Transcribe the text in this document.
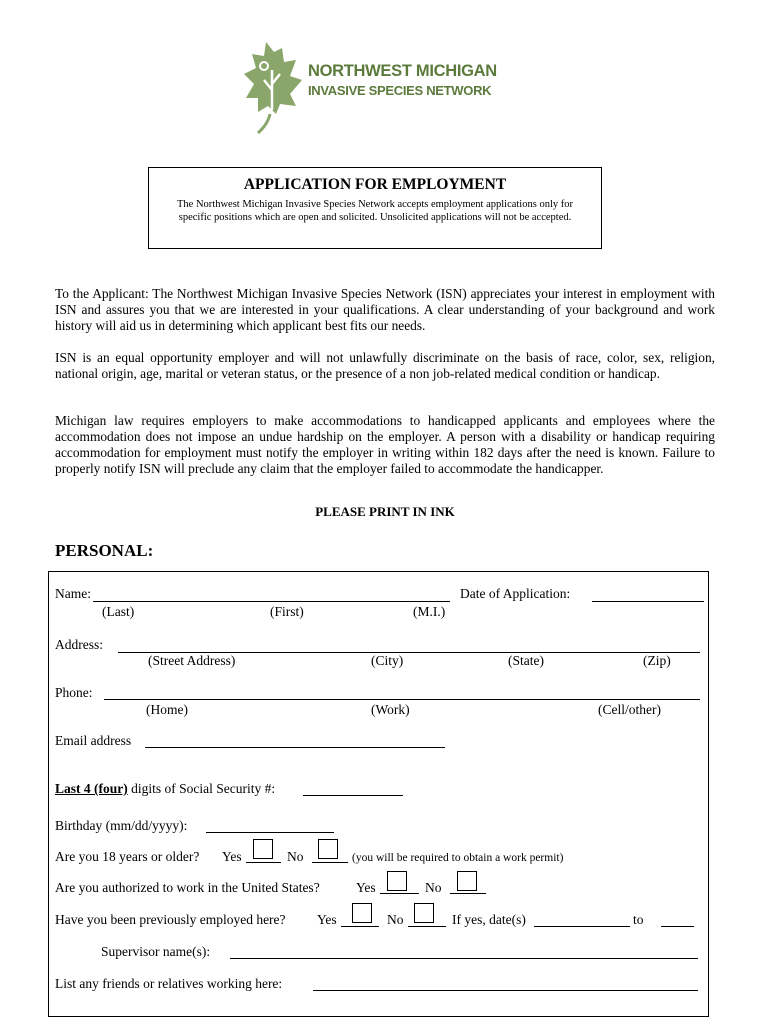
NORTHWEST MICHIGAN
INVASIVE SPECIES NETWORK
APPLICATION FOR EMPLOYMENT
The Northwest Michigan Invasive Species Network accepts employment applications only for specific positions which are open and solicited. Unsolicited applications will not be accepted.
To the Applicant: The Northwest Michigan Invasive Species Network (ISN) appreciates your interest in employment with ISN and assures you that we are interested in your qualifications. A clear understanding of your background and work history will aid us in determining which applicant best fits our needs.
ISN is an equal opportunity employer and will not unlawfully discriminate on the basis of race, color, sex, religion, national origin, age, marital or veteran status, or the presence of a non job-related medical condition or handicap.
Michigan law requires employers to make accommodations to handicapped applicants and employees where the accommodation does not impose an undue hardship on the employer. A person with a disability or handicap requiring accommodation for employment must notify the employer in writing within 182 days after the need is known. Failure to properly notify ISN will preclude any claim that the employer failed to accommodate the handicapper.
PLEASE PRINT IN INK
PERSONAL:
Name:	Date of Application:
(Last)	(First)	(M.I.)
Address:
(Street Address)	(City)	(State)	(Zip)
Phone:
(Home)	(Work)	(Cell/other)
Email address
Last 4 (four) digits of Social Security #:
Birthday (mm/dd/yyyy):
Are you 18 years or older? Yes	No	(you will be required to obtain a work permit)
Are you authorized to work in the United States?	Yes	No
Have you been previously employed here? Yes	No	If yes, date(s)	to
Supervisor name(s):
List any friends or relatives working here:
